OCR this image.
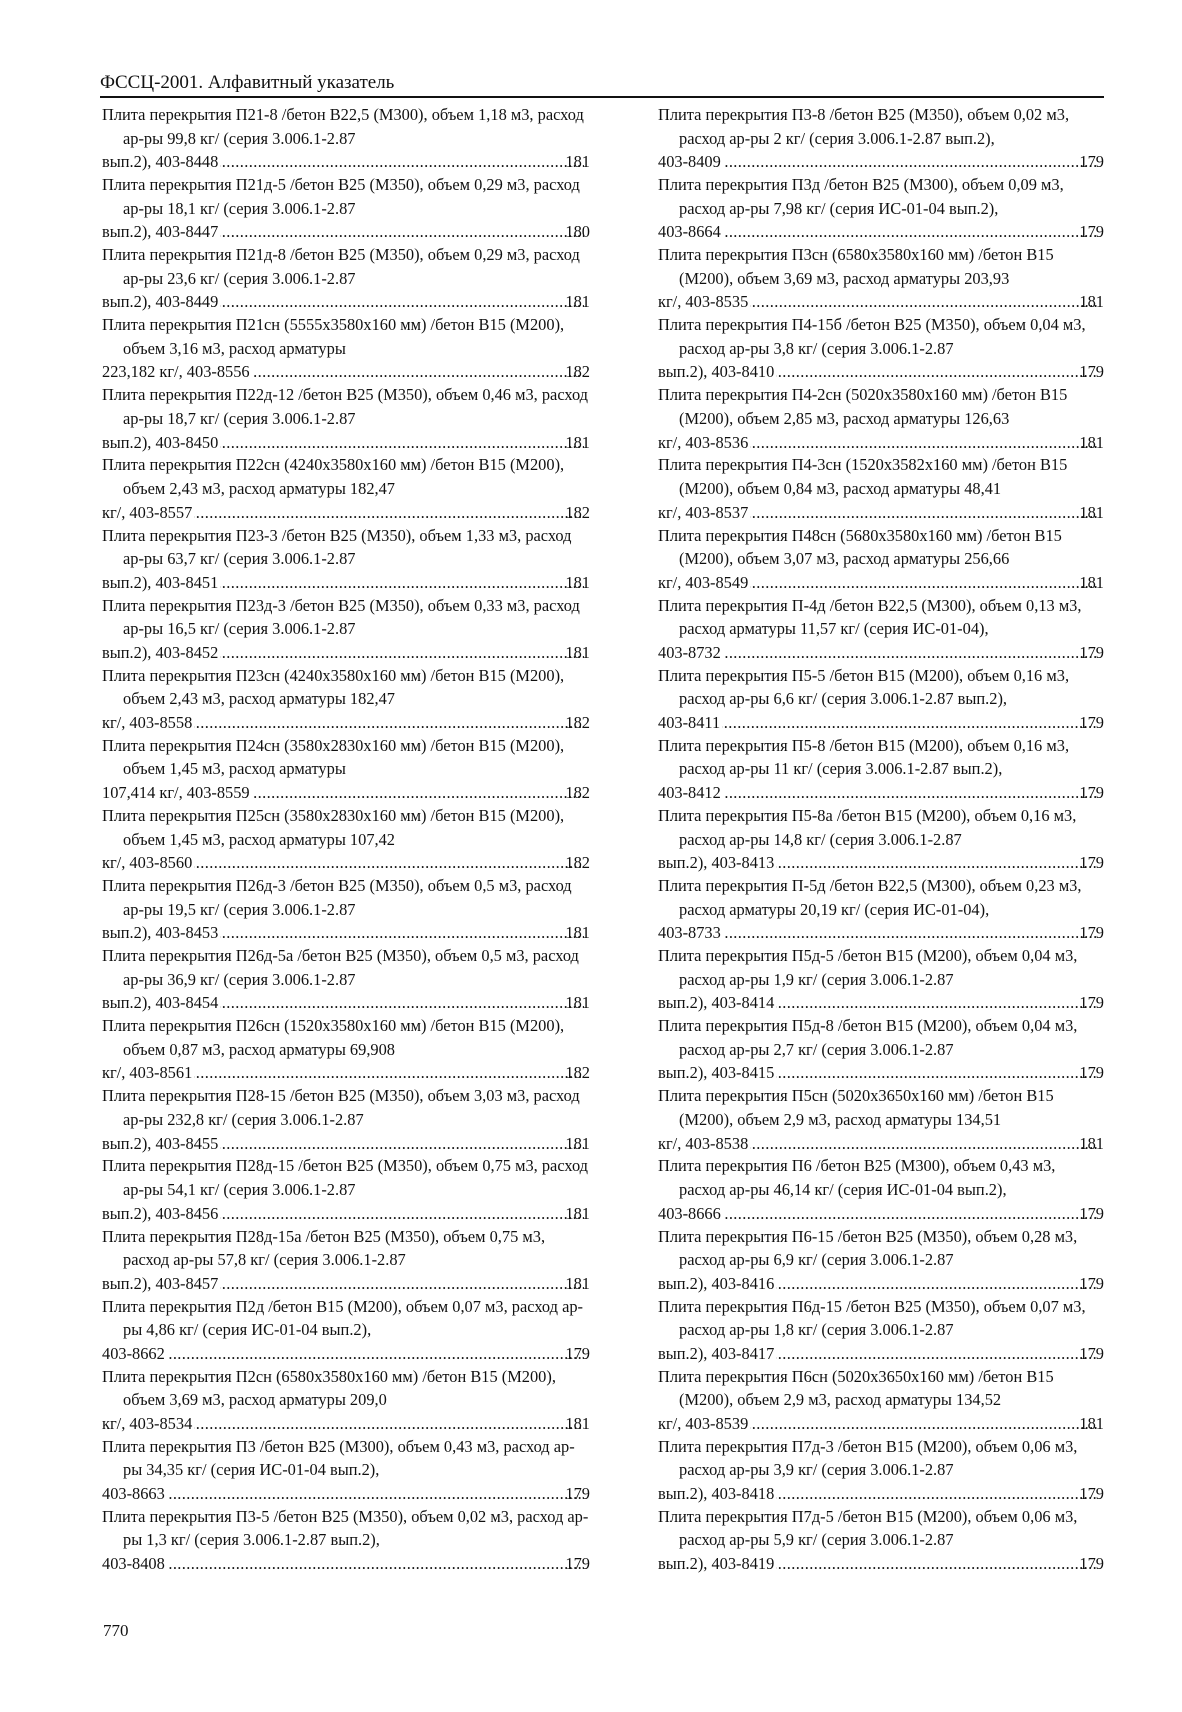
ФССЦ-2001. Алфавитный указатель
Плита перекрытия П21-8 /бетон В22,5 (М300), объем 1,18 м3, расход ар-ры 99,8 кг/ (серия 3.006.1-2.87
вып.2), 403-8448 .....	181
Плита перекрытия П21д-5 /бетон В25 (М350), объем 0,29 м3, расход ар-ры 18,1 кг/ (серия 3.006.1-2.87
вып.2), 403-8447 .....	180
Плита перекрытия П21д-8 /бетон В25 (М350), объем 0,29 м3, расход ар-ры 23,6 кг/ (серия 3.006.1-2.87
вып.2), 403-8449 .....	181
Плита перекрытия П21сн (5555x3580x160 мм) /бетон В15 (М200), объем 3,16 м3, расход арматуры
223,182 кг/, 403-8556 .....	182
Плита перекрытия П22д-12 /бетон В25 (М350), объем 0,46 м3, расход ар-ры 18,7 кг/ (серия 3.006.1-2.87
вып.2), 403-8450 .....	181
Плита перекрытия П22сн (4240x3580x160 мм) /бетон В15 (М200), объем 2,43 м3, расход арматуры 182,47
кг/, 403-8557 .....	182
Плита перекрытия П23-3 /бетон В25 (М350), объем 1,33 м3, расход ар-ры 63,7 кг/ (серия 3.006.1-2.87
вып.2), 403-8451 .....	181
Плита перекрытия П23д-3 /бетон В25 (М350), объем 0,33 м3, расход ар-ры 16,5 кг/ (серия 3.006.1-2.87
вып.2), 403-8452 .....	181
Плита перекрытия П23сн (4240x3580x160 мм) /бетон В15 (М200), объем 2,43 м3, расход арматуры 182,47
кг/, 403-8558 .....	182
Плита перекрытия П24сн (3580x2830x160 мм) /бетон В15 (М200), объем 1,45 м3, расход арматуры
107,414 кг/, 403-8559 .....	182
Плита перекрытия П25сн (3580x2830x160 мм) /бетон В15 (М200), объем 1,45 м3, расход арматуры 107,42
кг/, 403-8560 .....	182
Плита перекрытия П26д-3 /бетон В25 (М350), объем 0,5 м3, расход ар-ры 19,5 кг/ (серия 3.006.1-2.87
вып.2), 403-8453 .....	181
Плита перекрытия П26д-5а /бетон В25 (М350), объем 0,5 м3, расход ар-ры 36,9 кг/ (серия 3.006.1-2.87
вып.2), 403-8454 .....	181
Плита перекрытия П26сн (1520x3580x160 мм) /бетон В15 (М200), объем 0,87 м3, расход арматуры 69,908
кг/, 403-8561 .....	182
Плита перекрытия П28-15 /бетон В25 (М350), объем 3,03 м3, расход ар-ры 232,8 кг/ (серия 3.006.1-2.87
вып.2), 403-8455 .....	181
Плита перекрытия П28д-15 /бетон В25 (М350), объем 0,75 м3, расход ар-ры 54,1 кг/ (серия 3.006.1-2.87
вып.2), 403-8456 .....	181
Плита перекрытия П28д-15а /бетон В25 (М350), объем 0,75 м3, расход ар-ры 57,8 кг/ (серия 3.006.1-2.87
вып.2), 403-8457 .....	181
Плита перекрытия П2д /бетон В15 (М200), объем 0,07 м3, расход ар-ры 4,86 кг/ (серия ИС-01-04 вып.2),
403-8662 .....	179
Плита перекрытия П2сн (6580x3580x160 мм) /бетон В15 (М200), объем 3,69 м3, расход арматуры 209,0
кг/, 403-8534 .....	181
Плита перекрытия П3 /бетон В25 (М300), объем 0,43 м3, расход ар-ры 34,35 кг/ (серия ИС-01-04 вып.2),
403-8663 .....	179
Плита перекрытия П3-5 /бетон В25 (М350), объем 0,02 м3, расход ар-ры 1,3 кг/ (серия 3.006.1-2.87 вып.2),
403-8408 .....	179
Плита перекрытия П3-8 /бетон В25 (М350), объем 0,02 м3, расход ар-ры 2 кг/ (серия 3.006.1-2.87 вып.2),
403-8409 .....	179
Плита перекрытия П3д /бетон В25 (М300), объем 0,09 м3, расход ар-ры 7,98 кг/ (серия ИС-01-04 вып.2),
403-8664 .....	179
Плита перекрытия П3сн (6580x3580x160 мм) /бетон В15 (М200), объем 3,69 м3, расход арматуры 203,93
кг/, 403-8535 .....	181
Плита перекрытия П4-15б /бетон В25 (М350), объем 0,04 м3, расход ар-ры 3,8 кг/ (серия 3.006.1-2.87
вып.2), 403-8410 .....	179
Плита перекрытия П4-2сн (5020x3580x160 мм) /бетон В15 (М200), объем 2,85 м3, расход арматуры 126,63
кг/, 403-8536 .....	181
Плита перекрытия П4-3сн (1520x3582x160 мм) /бетон В15 (М200), объем 0,84 м3, расход арматуры 48,41
кг/, 403-8537 .....	181
Плита перекрытия П48сн (5680x3580x160 мм) /бетон В15 (М200), объем 3,07 м3, расход арматуры 256,66
кг/, 403-8549 .....	181
Плита перекрытия П-4д /бетон В22,5 (М300), объем 0,13 м3, расход арматуры 11,57 кг/ (серия ИС-01-04),
403-8732 .....	179
Плита перекрытия П5-5 /бетон В15 (М200), объем 0,16 м3, расход ар-ры 6,6 кг/ (серия 3.006.1-2.87 вып.2),
403-8411 .....	179
Плита перекрытия П5-8 /бетон В15 (М200), объем 0,16 м3, расход ар-ры 11 кг/ (серия 3.006.1-2.87 вып.2),
403-8412 .....	179
Плита перекрытия П5-8а /бетон В15 (М200), объем 0,16 м3, расход ар-ры 14,8 кг/ (серия 3.006.1-2.87
вып.2), 403-8413 .....	179
Плита перекрытия П-5д /бетон В22,5 (М300), объем 0,23 м3, расход арматуры 20,19 кг/ (серия ИС-01-04),
403-8733 .....	179
Плита перекрытия П5д-5 /бетон В15 (М200), объем 0,04 м3, расход ар-ры 1,9 кг/ (серия 3.006.1-2.87
вып.2), 403-8414 .....	179
Плита перекрытия П5д-8 /бетон В15 (М200), объем 0,04 м3, расход ар-ры 2,7 кг/ (серия 3.006.1-2.87
вып.2), 403-8415 .....	179
Плита перекрытия П5сн (5020x3650x160 мм) /бетон В15 (М200), объем 2,9 м3, расход арматуры 134,51
кг/, 403-8538 .....	181
Плита перекрытия П6 /бетон В25 (М300), объем 0,43 м3, расход ар-ры 46,14 кг/ (серия ИС-01-04 вып.2),
403-8666 .....	179
Плита перекрытия П6-15 /бетон В25 (М350), объем 0,28 м3, расход ар-ры 6,9 кг/ (серия 3.006.1-2.87
вып.2), 403-8416 .....	179
Плита перекрытия П6д-15 /бетон В25 (М350), объем 0,07 м3, расход ар-ры 1,8 кг/ (серия 3.006.1-2.87
вып.2), 403-8417 .....	179
Плита перекрытия П6сн (5020x3650x160 мм) /бетон В15 (М200), объем 2,9 м3, расход арматуры 134,52
кг/, 403-8539 .....	181
Плита перекрытия П7д-3 /бетон В15 (М200), объем 0,06 м3, расход ар-ры 3,9 кг/ (серия 3.006.1-2.87
вып.2), 403-8418 .....	179
Плита перекрытия П7д-5 /бетон В15 (М200), объем 0,06 м3, расход ар-ры 5,9 кг/ (серия 3.006.1-2.87
вып.2), 403-8419 .....	179
770
